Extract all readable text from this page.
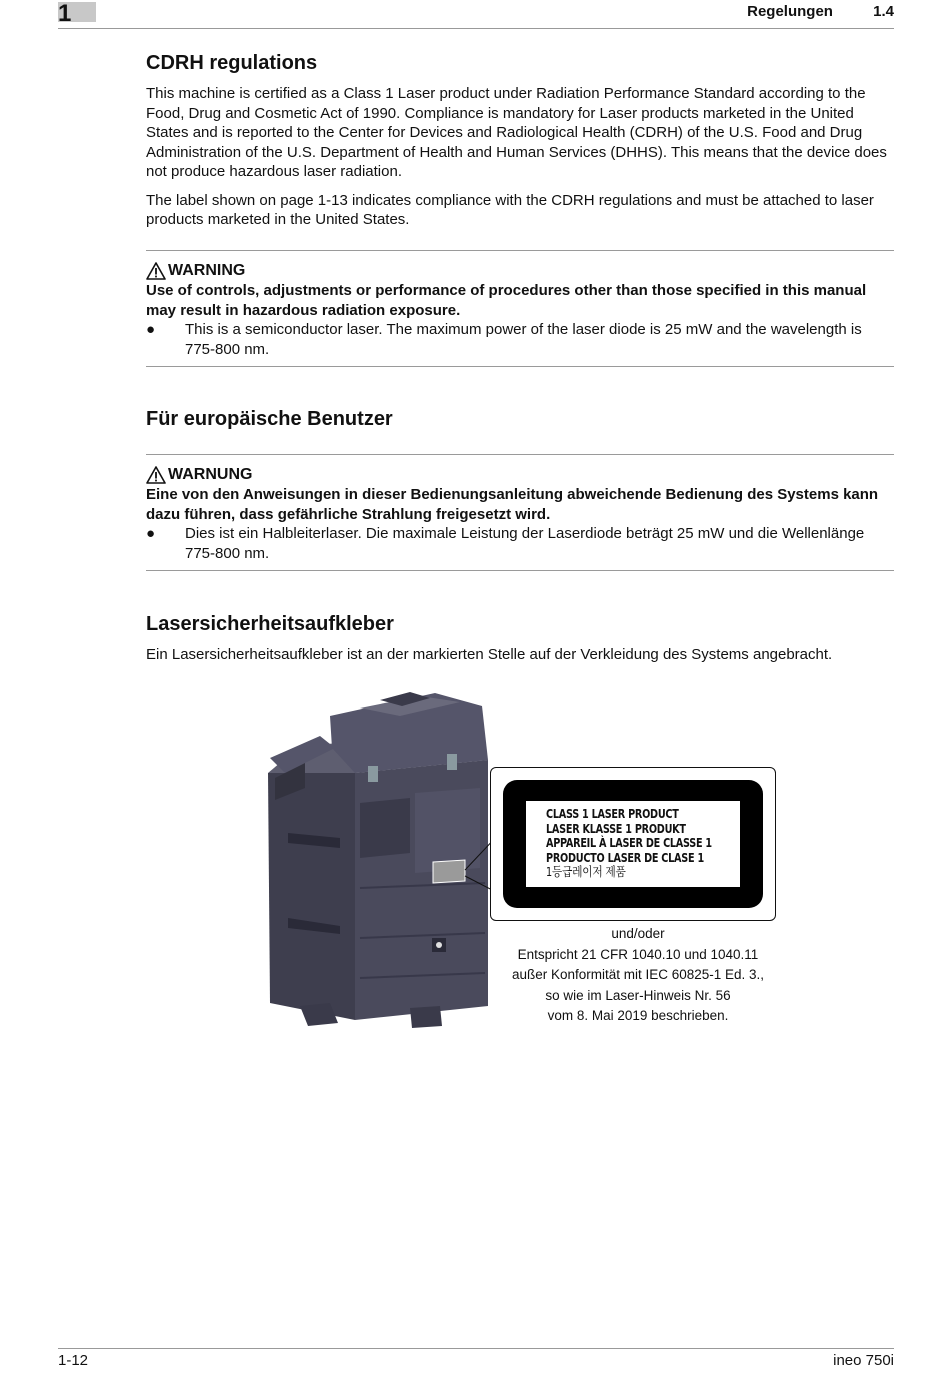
1	Regelungen	1.4
CDRH regulations

This machine is certified as a Class 1 Laser product under Radiation Performance Standard according to the Food, Drug and Cosmetic Act of 1990. Compliance is mandatory for Laser products marketed in the United States and is reported to the Center for Devices and Radiological Health (CDRH) of the U.S. Food and Drug Administration of the U.S. Department of Health and Human Services (DHHS). This means that the device does not produce hazardous laser radiation.

The label shown on page 1-13 indicates compliance with the CDRH regulations and must be attached to laser products marketed in the United States.

WARNING
Use of controls, adjustments or performance of procedures other than those specified in this manual may result in hazardous radiation exposure.
●	This is a semiconductor laser. The maximum power of the laser diode is 25 mW and the wavelength is 775-800 nm.
Für europäische Benutzer
WARNUNG
Eine von den Anweisungen in dieser Bedienungsanleitung abweichende Bedienung des Systems kann dazu führen, dass gefährliche Strahlung freigesetzt wird.
●	Dies ist ein Halbleiterlaser. Die maximale Leistung der Laserdiode beträgt 25 mW und die Wellenlänge 775-800 nm.
Lasersicherheitsaufkleber

Ein Lasersicherheitsaufkleber ist an der markierten Stelle auf der Verkleidung des Systems angebracht.

CLASS 1 LASER PRODUCT
LASER KLASSE 1 PRODUKT
APPAREIL À LASER DE CLASSE 1
PRODUCTO LASER DE CLASE 1
1등급레이저 제품
und/oder
Entspricht 21 CFR 1040.10 und 1040.11
außer Konformität mit IEC 60825-1 Ed. 3.,
so wie im Laser-Hinweis Nr. 56
vom 8. Mai 2019 beschrieben.
1-12	ineo 750i
